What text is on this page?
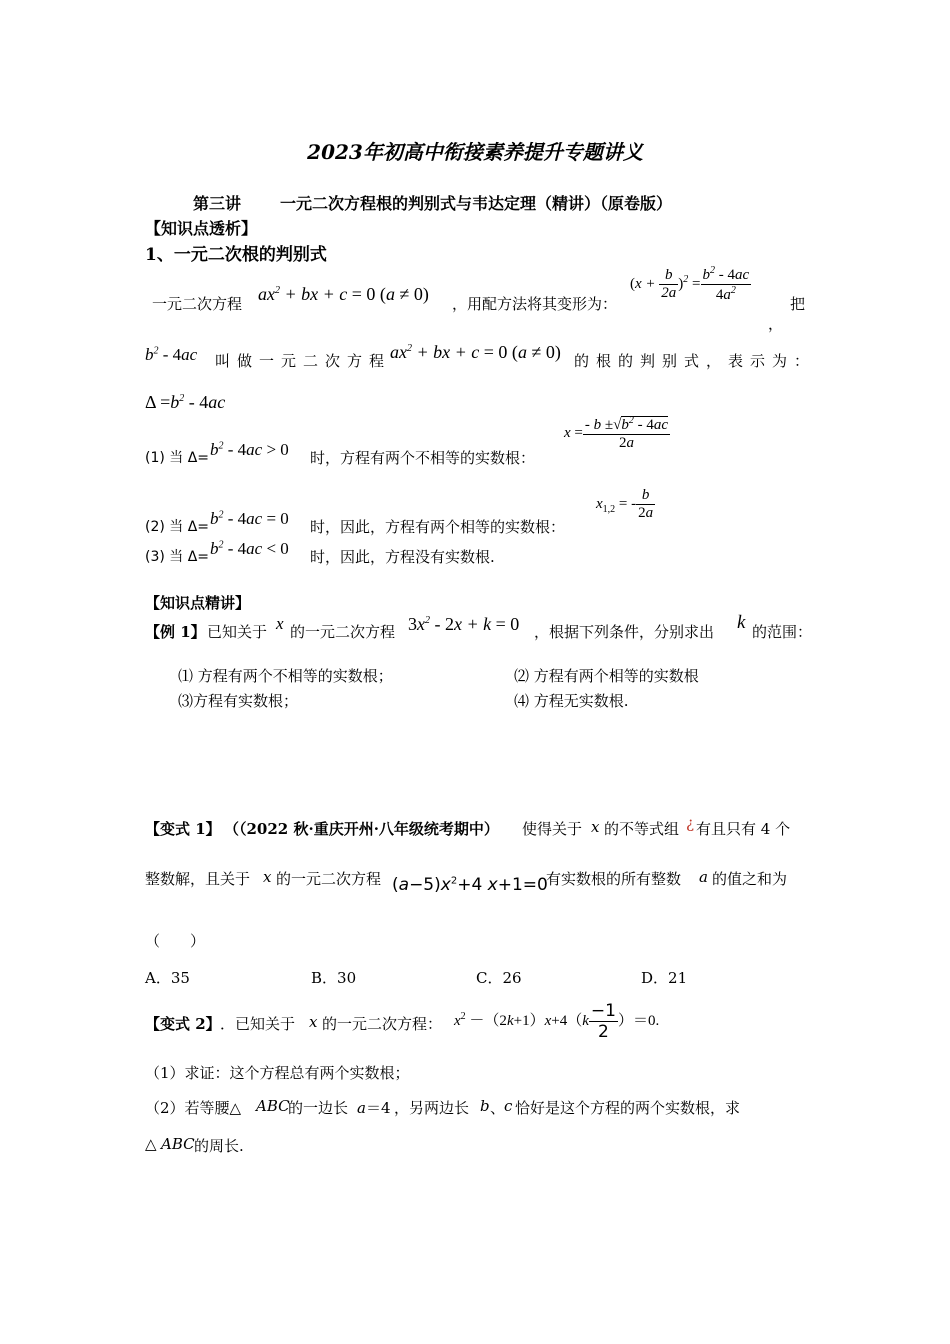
2023年初高中衔接素养提升专题讲义
第三讲 一元二次方程根的判别式与韦达定理（精讲）（原卷版）
【知识点透析】
1、一元二次根的判别式
一元二次方程 $ax^2$ + bx + c = 0 (a ≠ 0) ，用配方法将其变形为：
$(x + \frac{b}{2a} )^2 = \frac{b^2 - 4ac}{4a^2}$	把
，
$b^2 - 4ac$ 叫做一元二次方程
$ax^2$ + bx + c = 0 (a ≠ 0) 的根的判别式，表示为：
$\Delta =b^2 - 4ac$
(1) 当 $\Delta= b^2 - 4ac > 0$ 时，方程有两个不相等的实数根：
$x = \frac{- b \pm√b^2 - 4ac}{2a}$
(2) 当 $\Delta= b^2 - 4ac = 0$ 时，因此，方程有两个相等的实数根：
$x_{1,2}$ = - $\frac{b}{2a}$
(3) 当 $\Delta= b^2 - 4ac < 0$ 时，因此，方程没有实数根.
【知识点精讲】
【例 1】 已知关于 x 的一元二次方程 $3x^2 - 2x + k = 0$ ，根据下列条件，分别求出 k 的范围：
⑴ 方程有两个不相等的实数根；	⑵ 方程有两个相等的实数根
⑶方程有实数根；	⑷ 方程无实数根.
【变式 1】 （（2022 秋·重庆开州·八年级统考期中） 使得关于 x 的不等式组 ¿ 有且只有 4 个
整数解，且关于 x 的一元二次方程 $(a-5)x^2+4$ x+1=0
有实数根的所有整数 a 的值之和为
（　　）
A．35	B．30	C．26	D．21
【变式 2】 ．已知关于 x 的一元二次方程： $x^2 -(2k+1)x+4(k \frac{-1}{2} )=0$.
（1）求证：这个方程总有两个实数根；
（2）若等腰△ ABC
的一边长 a＝4 ，另两边长 b 、
c 恰好是这个方程的两个实数根，求
△ ABC 的周长.
